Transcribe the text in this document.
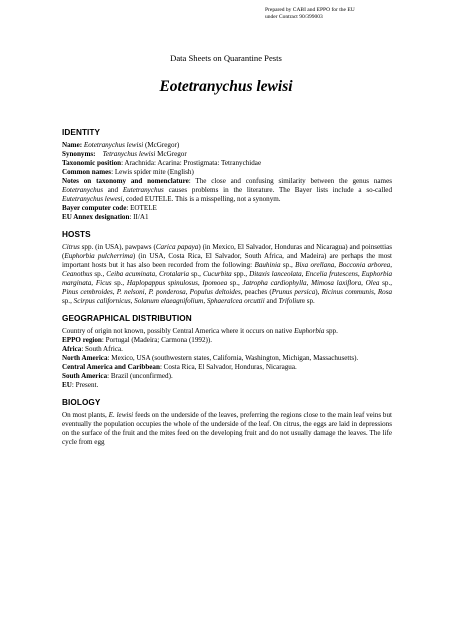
Prepared by CABI and EPPO for the EU
under Contract 90/399003
Data Sheets on Quarantine Pests
Eotetranychus lewisi
IDENTITY

Name: Eotetranychus lewisi (McGregor)

Synonyms:    Tetranychus lewisi McGregor

Taxonomic position: Arachnida: Acarina: Prostigmata: Tetranychidae

Common names: Lewis spider mite (English)

Notes on taxonomy and nomenclature: The close and confusing similarity between the genus names Eotetranychus and Eutetranychus causes problems in the literature. The Bayer lists include a so-called Eutetranychus lewesi, coded EUTELE. This is a misspelling, not a synonym.

Bayer computer code: EOTELE

EU Annex designation: II/A1

HOSTS

Citrus spp. (in USA), pawpaws (Carica papaya) (in Mexico, El Salvador, Honduras and Nicaragua) and poinsettias (Euphorbia pulcherrima) (in USA, Costa Rica, El Salvador, South Africa, and Madeira) are perhaps the most important hosts but it has also been recorded from the following: Bauhinia sp., Bixa orellana, Bocconia arborea, Ceanothus sp., Ceiba acuminata, Crotalaria sp., Cucurbita spp., Ditaxis lanceolata, Encelia frutescens, Euphorbia marginata, Ficus sp., Haplopappus spinulosus, Ipomoea sp., Jatropha cardiophylla, Mimosa laxiflora, Olea sp., Pinus cembroides, P. nelsoni, P. ponderosa, Populus deltoides, peaches (Prunus persica), Ricinus communis, Rosa sp., Scirpus californicus, Solanum elaeagnifolium, Sphaeralcea orcuttii and Trifolium sp.

GEOGRAPHICAL DISTRIBUTION

Country of origin not known, possibly Central America where it occurs on native Euphorbia spp.

EPPO region: Portugal (Madeira; Carmona (1992)).

Africa: South Africa.

North America: Mexico, USA (southwestern states, California, Washington, Michigan, Massachusetts).

Central America and Caribbean: Costa Rica, El Salvador, Honduras, Nicaragua.

South America: Brazil (unconfirmed).

EU: Present.

BIOLOGY

On most plants, E. lewisi feeds on the underside of the leaves, preferring the regions close to the main leaf veins but eventually the population occupies the whole of the underside of the leaf. On citrus, the eggs are laid in depressions on the surface of the fruit and the mites feed on the developing fruit and do not usually damage the leaves. The life cycle from egg
